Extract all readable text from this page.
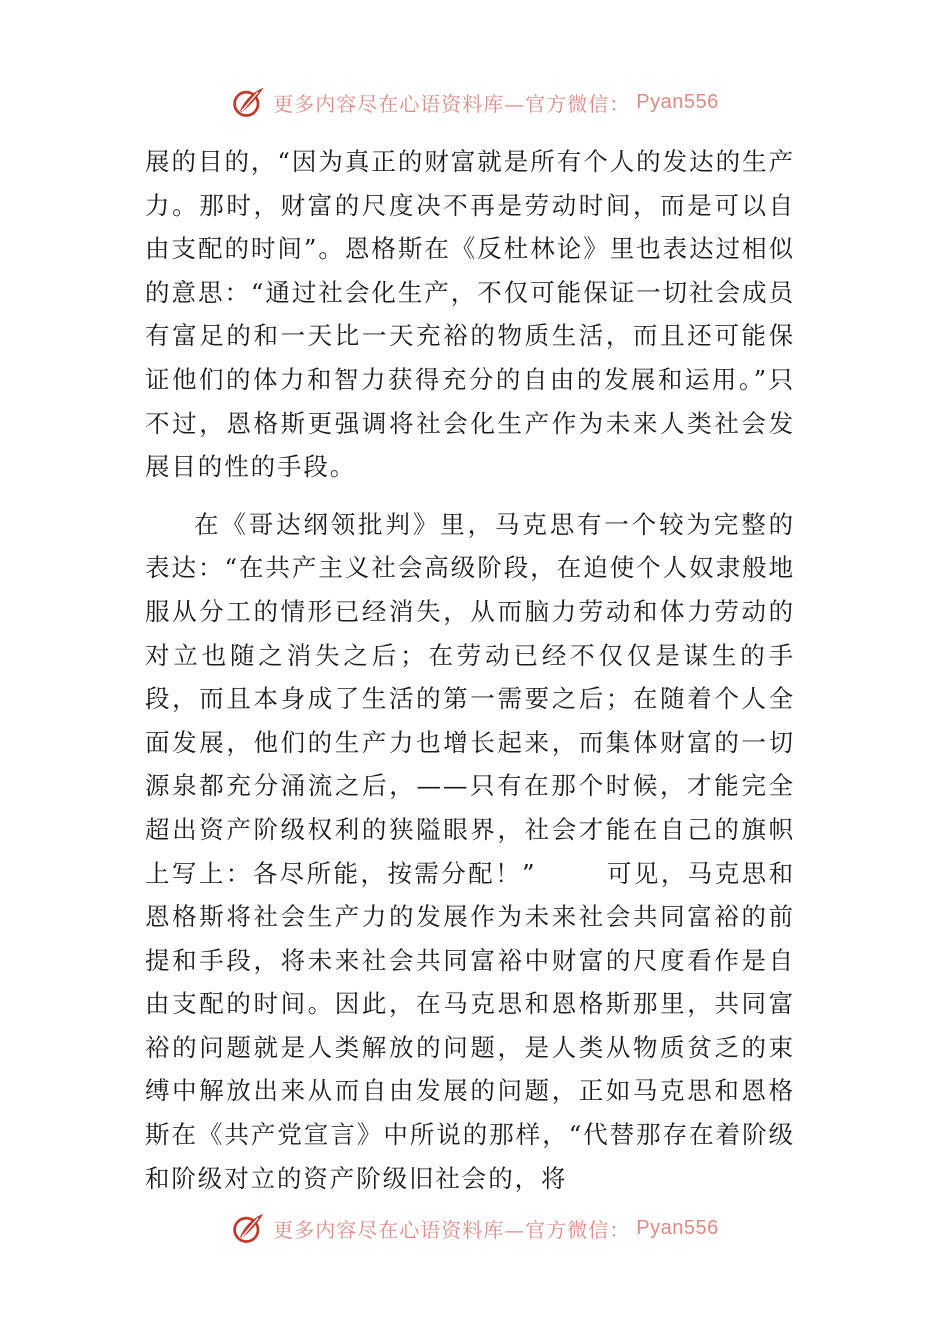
更多内容尽在心语资料库—官方微信： Pyan556

展的目的，“因为真正的财富就是所有个人的发达的生产力。那时，财富的尺度决不再是劳动时间，而是可以自由支配的时间”。恩格斯在《反杜林论》里也表达过相似的意思：“通过社会化生产，不仅可能保证一切社会成员有富足的和一天比一天充裕的物质生活，而且还可能保证他们的体力和智力获得充分的自由的发展和运用。”只不过，恩格斯更强调将社会化生产作为未来人类社会发展目的性的手段。

在《哥达纲领批判》里，马克思有一个较为完整的表达：“在共产主义社会高级阶段，在迫使个人奴隶般地服从分工的情形已经消失，从而脑力劳动和体力劳动的对立也随之消失之后；在劳动已经不仅仅是谋生的手段，而且本身成了生活的第一需要之后；在随着个人全面发展，他们的生产力也增长起来，而集体财富的一切源泉都充分涌流之后，——只有在那个时候，才能完全超出资产阶级权利的狭隘眼界，社会才能在自己的旗帜上写上：各尽所能，按需分配！”	可见，马克思和恩格斯将社会生产力的发展作为未来社会共同富裕的前提和手段，将未来社会共同富裕中财富的尺度看作是自由支配的时间。因此，在马克思和恩格斯那里，共同富裕的问题就是人类解放的问题，是人类从物质贫乏的束缚中解放出来从而自由发展的问题，正如马克思和恩格斯在《共产党宣言》中所说的那样，“代替那存在着阶级和阶级对立的资产阶级旧社会的，将

更多内容尽在心语资料库—官方微信： Pyan556
